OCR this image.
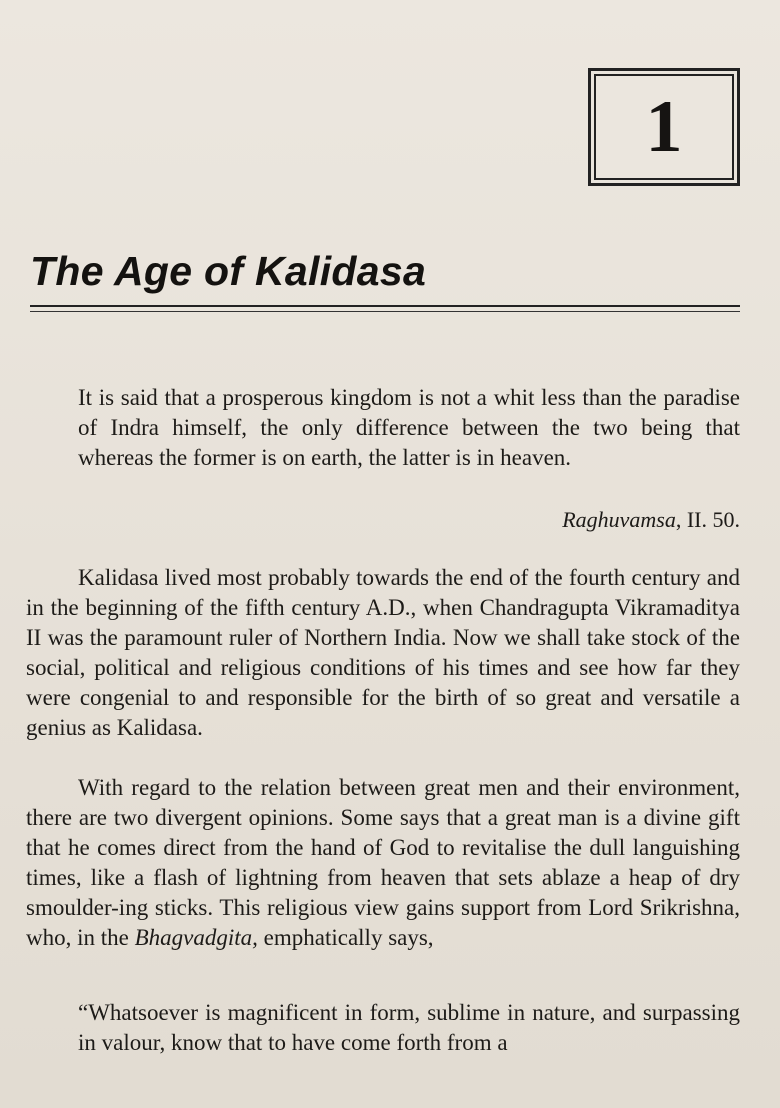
1
The Age of Kalidasa

It is said that a prosperous kingdom is not a whit less than the paradise of Indra himself, the only difference between the two being that whereas the former is on earth, the latter is in heaven.

Raghuvamsa, II. 50.

Kalidasa lived most probably towards the end of the fourth century and in the beginning of the fifth century A.D., when Chandragupta Vikramaditya II was the paramount ruler of Northern India. Now we shall take stock of the social, political and religious conditions of his times and see how far they were congenial to and responsible for the birth of so great and versatile a genius as Kalidasa.

With regard to the relation between great men and their environment, there are two divergent opinions. Some says that a great man is a divine gift that he comes direct from the hand of God to revitalise the dull languishing times, like a flash of lightning from heaven that sets ablaze a heap of dry smoulder-ing sticks. This religious view gains support from Lord Srikrishna, who, in the Bhagvadgita, emphatically says,

“Whatsoever is magnificent in form, sublime in nature, and surpassing in valour, know that to have come forth from a
